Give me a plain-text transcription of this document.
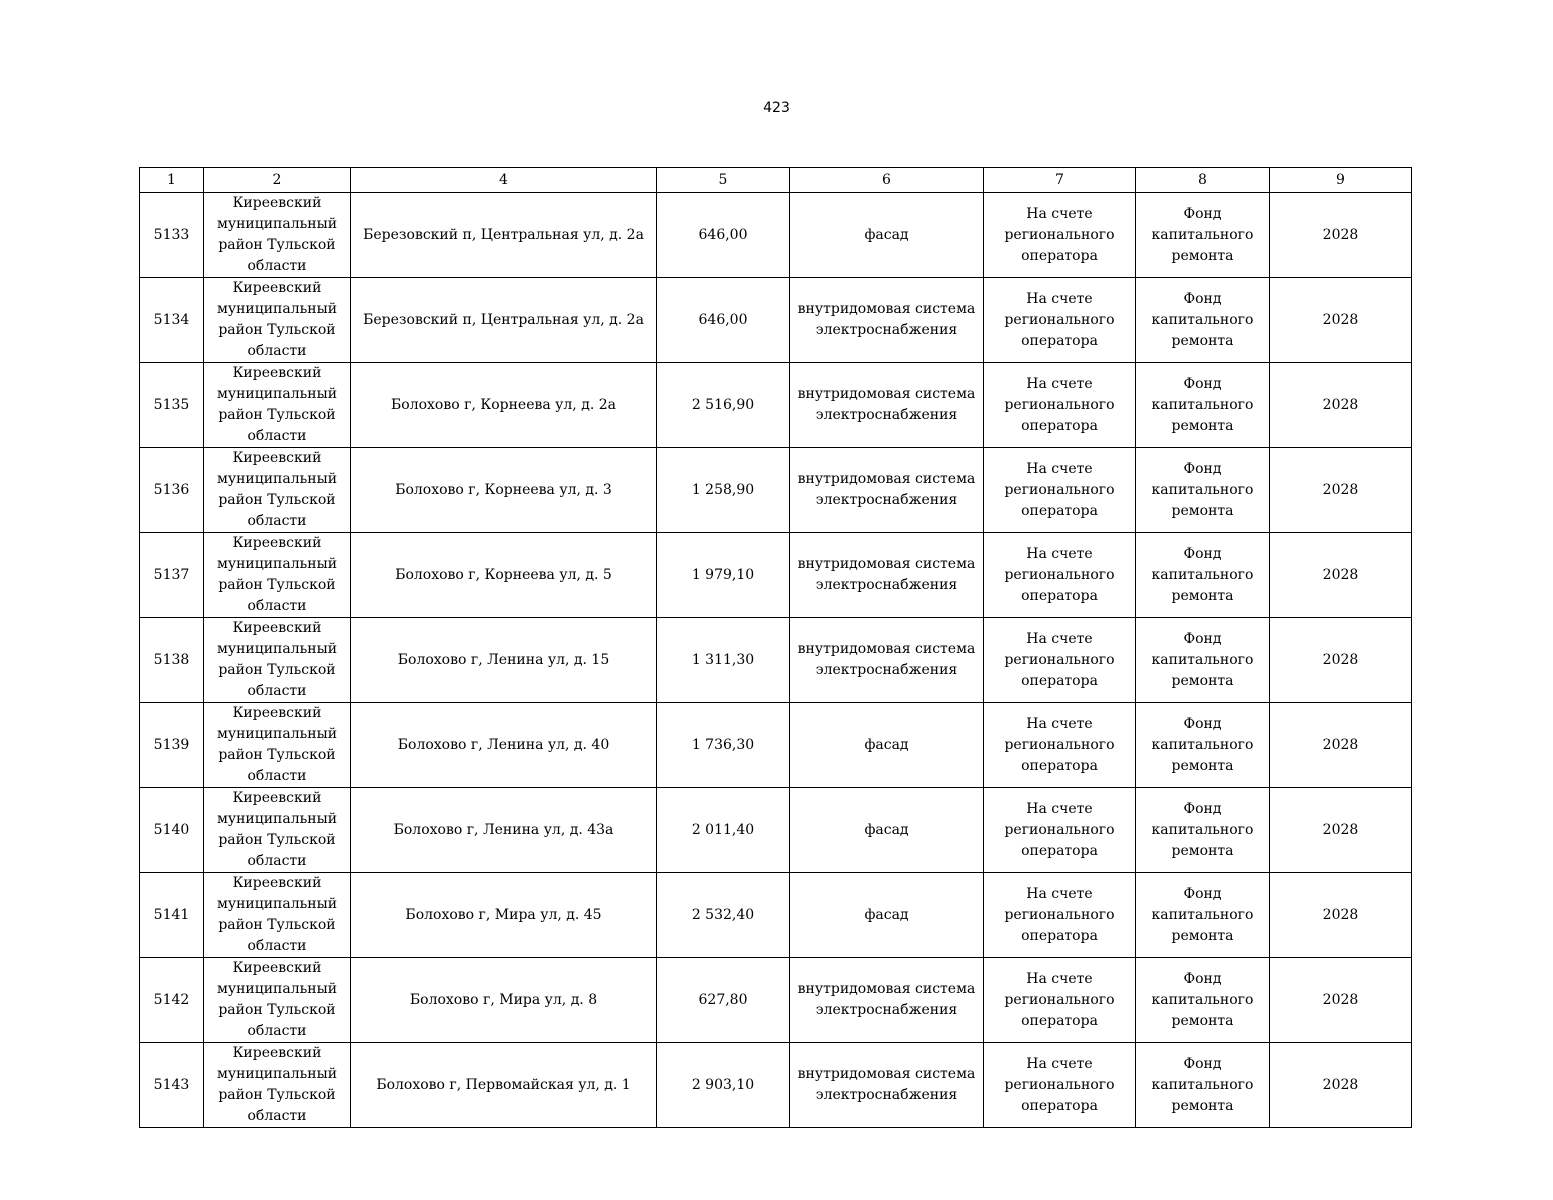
423
1	2	4	5	6	7	8	9
5133	Киреевский муниципальный район Тульской области	Березовский п, Центральная ул, д. 2а	646,00	фасад	На счете регионального оператора	Фонд капитального ремонта	2028
5134	Киреевский муниципальный район Тульской области	Березовский п, Центральная ул, д. 2а	646,00	внутридомовая система электроснабжения	На счете регионального оператора	Фонд капитального ремонта	2028
5135	Киреевский муниципальный район Тульской области	Болохово г, Корнеева ул, д. 2а	2 516,90	внутридомовая система электроснабжения	На счете регионального оператора	Фонд капитального ремонта	2028
5136	Киреевский муниципальный район Тульской области	Болохово г, Корнеева ул, д. 3	1 258,90	внутридомовая система электроснабжения	На счете регионального оператора	Фонд капитального ремонта	2028
5137	Киреевский муниципальный район Тульской области	Болохово г, Корнеева ул, д. 5	1 979,10	внутридомовая система электроснабжения	На счете регионального оператора	Фонд капитального ремонта	2028
5138	Киреевский муниципальный район Тульской области	Болохово г, Ленина ул, д. 15	1 311,30	внутридомовая система электроснабжения	На счете регионального оператора	Фонд капитального ремонта	2028
5139	Киреевский муниципальный район Тульской области	Болохово г, Ленина ул, д. 40	1 736,30	фасад	На счете регионального оператора	Фонд капитального ремонта	2028
5140	Киреевский муниципальный район Тульской области	Болохово г, Ленина ул, д. 43а	2 011,40	фасад	На счете регионального оператора	Фонд капитального ремонта	2028
5141	Киреевский муниципальный район Тульской области	Болохово г, Мира ул, д. 45	2 532,40	фасад	На счете регионального оператора	Фонд капитального ремонта	2028
5142	Киреевский муниципальный район Тульской области	Болохово г, Мира ул, д. 8	627,80	внутридомовая система электроснабжения	На счете регионального оператора	Фонд капитального ремонта	2028
5143	Киреевский муниципальный район Тульской области	Болохово г, Первомайская ул, д. 1	2 903,10	внутридомовая система электроснабжения	На счете регионального оператора	Фонд капитального ремонта	2028
